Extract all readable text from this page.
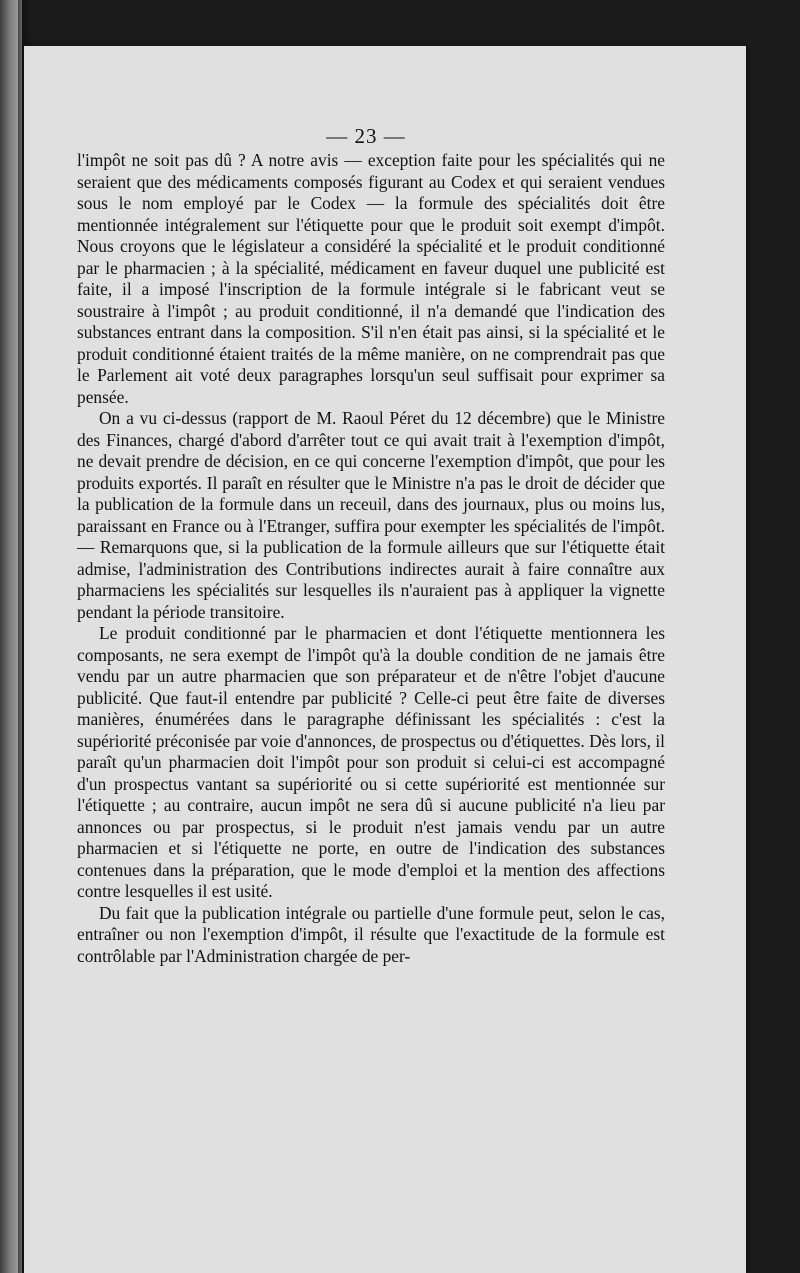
— 23 —

l'impôt ne soit pas dû ? A notre avis — exception faite pour les spécialités qui ne seraient que des médicaments composés figurant au Codex et qui seraient vendues sous le nom employé par le Codex — la formule des spécialités doit être mentionnée intégralement sur l'étiquette pour que le produit soit exempt d'impôt. Nous croyons que le législateur a considéré la spécialité et le produit conditionné par le pharmacien ; à la spécialité, médicament en faveur duquel une publicité est faite, il a imposé l'inscription de la formule intégrale si le fabricant veut se soustraire à l'impôt ; au produit conditionné, il n'a demandé que l'indication des substances entrant dans la composition. S'il n'en était pas ainsi, si la spécialité et le produit conditionné étaient traités de la même manière, on ne comprendrait pas que le Parlement ait voté deux paragraphes lorsqu'un seul suffisait pour exprimer sa pensée.

On a vu ci-dessus (rapport de M. Raoul Péret du 12 décembre) que le Ministre des Finances, chargé d'abord d'arrêter tout ce qui avait trait à l'exemption d'impôt, ne devait prendre de décision, en ce qui concerne l'exemption d'impôt, que pour les produits exportés. Il paraît en résulter que le Ministre n'a pas le droit de décider que la publication de la formule dans un receuil, dans des journaux, plus ou moins lus, paraissant en France ou à l'Etranger, suffira pour exempter les spécialités de l'impôt. — Remarquons que, si la publication de la formule ailleurs que sur l'étiquette était admise, l'administration des Contributions indirectes aurait à faire connaître aux pharmaciens les spécialités sur lesquelles ils n'auraient pas à appliquer la vignette pendant la période transitoire.

Le produit conditionné par le pharmacien et dont l'étiquette mentionnera les composants, ne sera exempt de l'impôt qu'à la double condition de ne jamais être vendu par un autre pharmacien que son préparateur et de n'être l'objet d'aucune publicité. Que faut-il entendre par publicité ? Celle-ci peut être faite de diverses manières, énumérées dans le paragraphe définissant les spécialités : c'est la supériorité préconisée par voie d'annonces, de prospectus ou d'étiquettes. Dès lors, il paraît qu'un pharmacien doit l'impôt pour son produit si celui-ci est accompagné d'un prospectus vantant sa supériorité ou si cette supériorité est mentionnée sur l'étiquette ; au contraire, aucun impôt ne sera dû si aucune publicité n'a lieu par annonces ou par prospectus, si le produit n'est jamais vendu par un autre pharmacien et si l'étiquette ne porte, en outre de l'indication des substances contenues dans la préparation, que le mode d'emploi et la mention des affections contre lesquelles il est usité.

Du fait que la publication intégrale ou partielle d'une formule peut, selon le cas, entraîner ou non l'exemption d'impôt, il résulte que l'exactitude de la formule est contrôlable par l'Administration chargée de per-
